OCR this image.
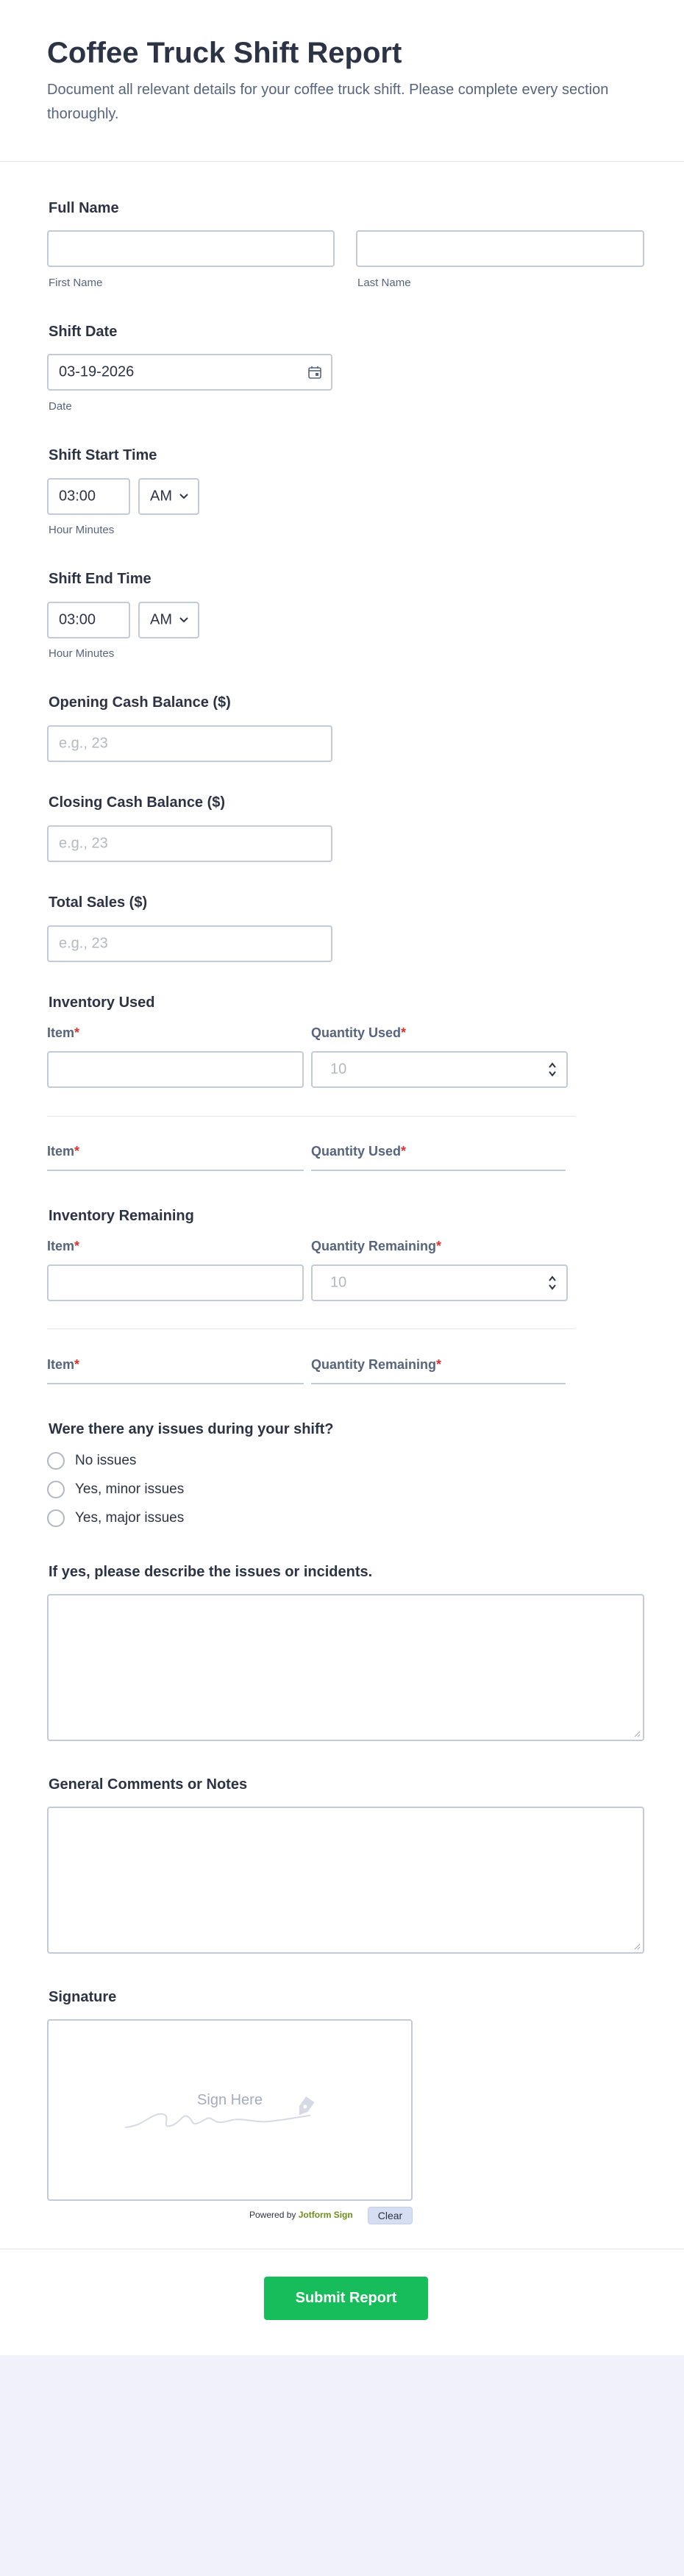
Coffee Truck Shift Report
Document all relevant details for your coffee truck shift. Please complete every section thoroughly.
Full Name
First Name	Last Name
Shift Date
03-19-2026
Date
Shift Start Time
03:00	AM
Hour Minutes
Shift End Time
03:00	AM
Hour Minutes
Opening Cash Balance ($)
e.g., 23
Closing Cash Balance ($)
e.g., 23
Total Sales ($)
e.g., 23
Inventory Used
Item*	Quantity Used*
10
Item*	Quantity Used*
Inventory Remaining
Item*	Quantity Remaining*
10
Item*	Quantity Remaining*
Were there any issues during your shift?
No issues
Yes, minor issues
Yes, major issues
If yes, please describe the issues or incidents.
General Comments or Notes
Signature
Sign Here
Powered by Jotform Sign	Clear
Submit Report
